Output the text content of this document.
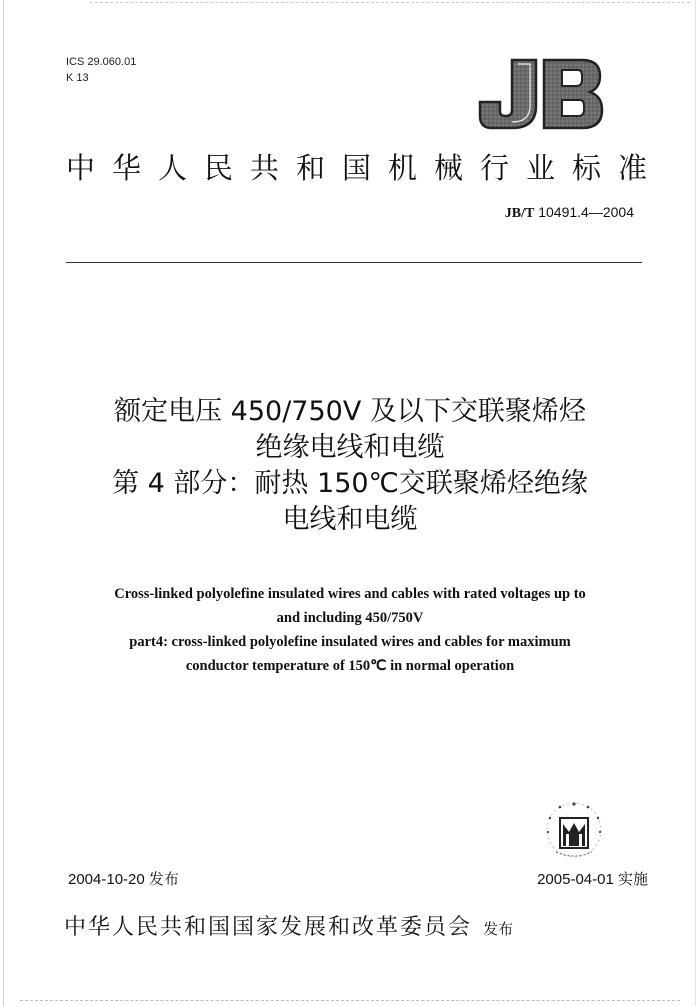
ICS 29.060.01
K 13
中华人民共和国机械行业标准
JB/T 10491.4—2004
额定电压 450/750V 及以下交联聚烯烃
绝缘电线和电缆
第 4 部分：耐热 150℃交联聚烯烃绝缘
电线和电缆
Cross-linked polyolefine insulated wires and cables with rated voltages up to
and including 450/750V
part4: cross-linked polyolefine insulated wires and cables for maximum
conductor temperature of 150℃ in normal operation
2004-10-20 发布	2005-04-01 实施
中华人民共和国国家发展和改革委员会 发布
